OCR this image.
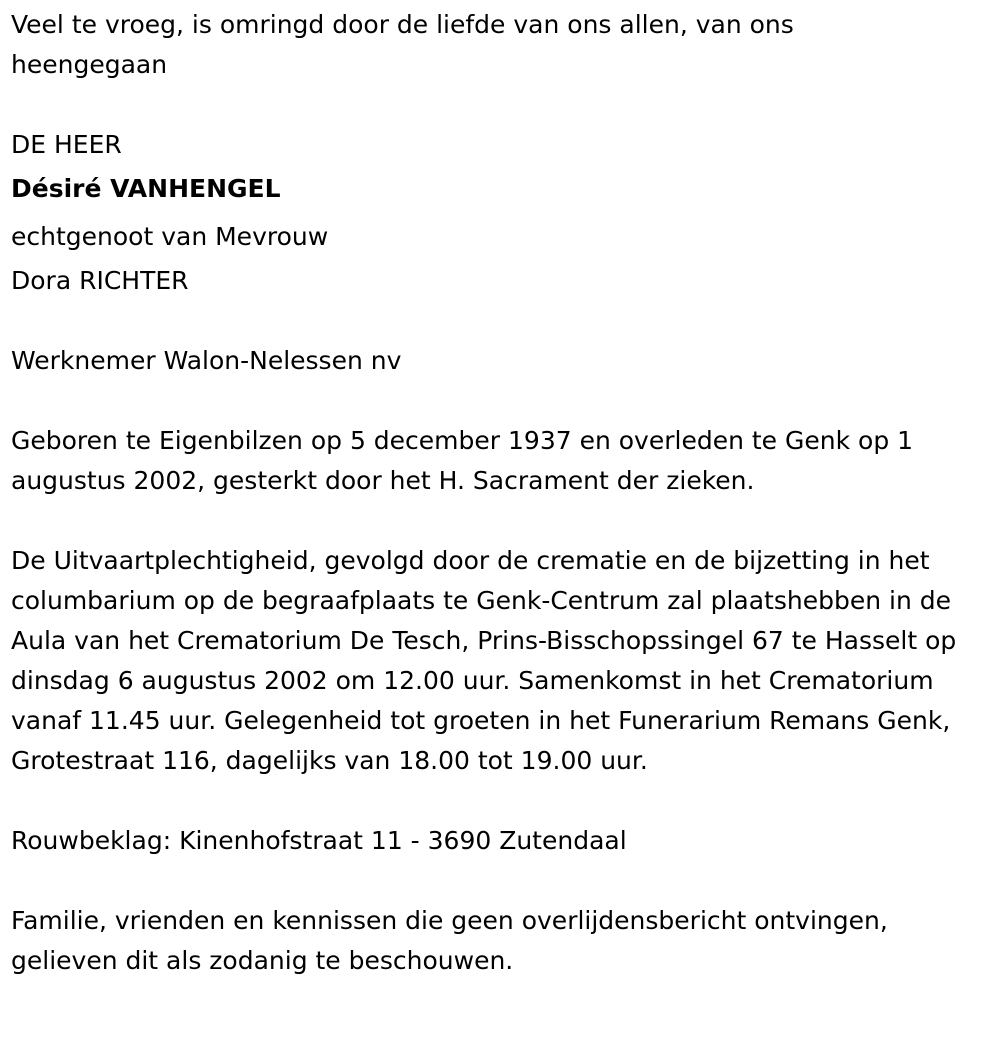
Veel te vroeg, is omringd door de liefde van ons allen, van ons heengegaan

DE HEER
Désiré VANHENGEL
echtgenoot van Mevrouw
Dora RICHTER

Werknemer Walon-Nelessen nv

Geboren te Eigenbilzen op 5 december 1937 en overleden te Genk op 1 augustus 2002, gesterkt door het H. Sacrament der zieken.

De Uitvaartplechtigheid, gevolgd door de crematie en de bijzetting in het columbarium op de begraafplaats te Genk-Centrum zal plaatshebben in de Aula van het Crematorium De Tesch, Prins-Bisschopssingel 67 te Hasselt op dinsdag 6 augustus 2002 om 12.00 uur. Samenkomst in het Crematorium vanaf 11.45 uur. Gelegenheid tot groeten in het Funerarium Remans Genk, Grotestraat 116, dagelijks van 18.00 tot 19.00 uur.

Rouwbeklag: Kinenhofstraat 11 - 3690 Zutendaal

Familie, vrienden en kennissen die geen overlijdensbericht ontvingen, gelieven dit als zodanig te beschouwen.
